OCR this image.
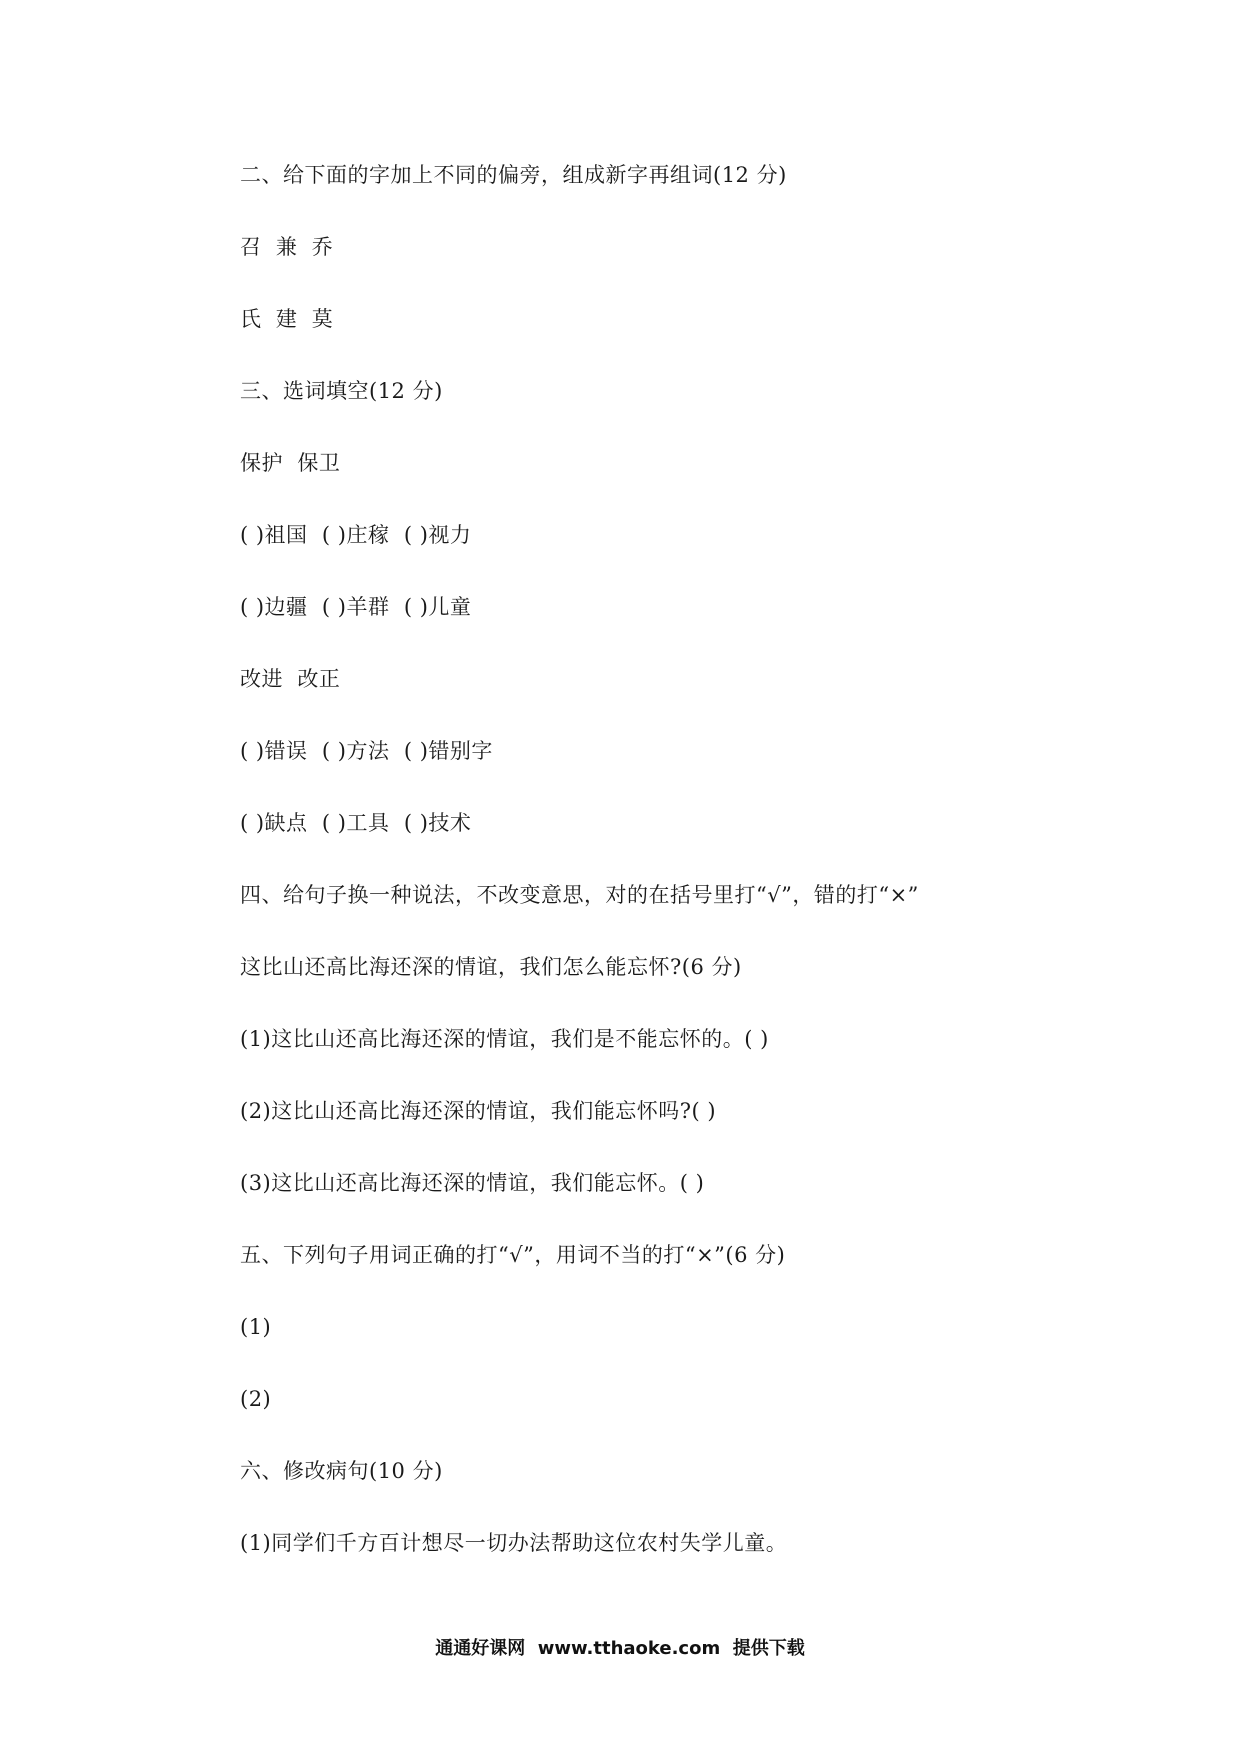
二、给下面的字加上不同的偏旁，组成新字再组词(12 分)
召  兼  乔
氏  建  莫
三、选词填空(12 分)
保护  保卫
( )祖国  ( )庄稼  ( )视力
( )边疆  ( )羊群  ( )儿童
改进  改正
( )错误  ( )方法  ( )错别字
( )缺点  ( )工具  ( )技术
四、给句子换一种说法，不改变意思，对的在括号里打“√”，错的打“×”
这比山还高比海还深的情谊，我们怎么能忘怀?(6 分)
(1)这比山还高比海还深的情谊，我们是不能忘怀的。( )
(2)这比山还高比海还深的情谊，我们能忘怀吗?( )
(3)这比山还高比海还深的情谊，我们能忘怀。( )
五、下列句子用词正确的打“√”，用词不当的打“×”(6 分)
(1)
(2)
六、修改病句(10 分)
(1)同学们千方百计想尽一切办法帮助这位农村失学儿童。
通通好课网  www.tthaoke.com  提供下载
